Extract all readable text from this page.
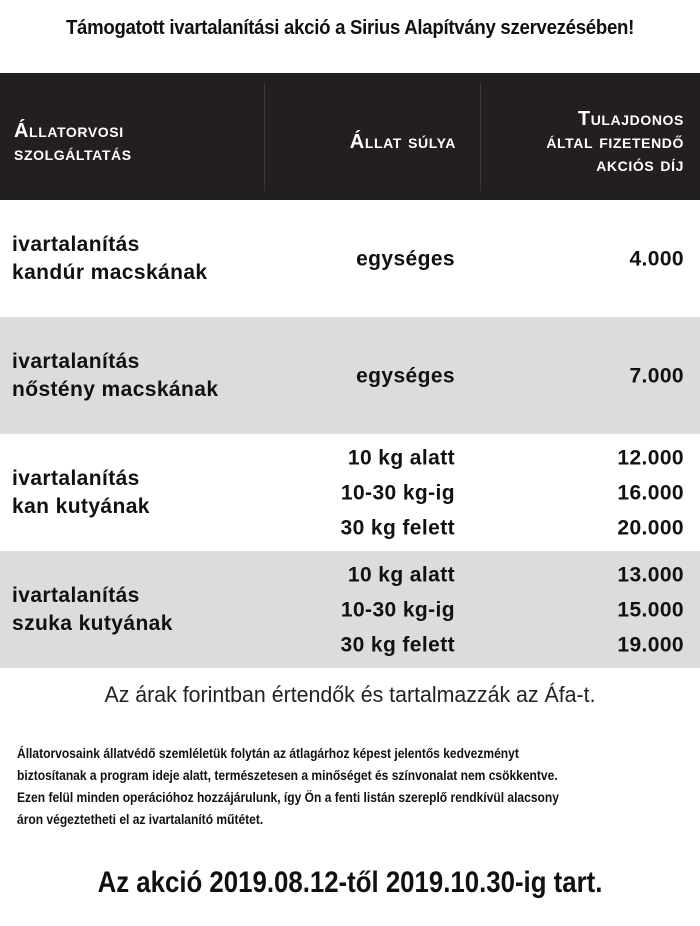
Támogatott ivartalanítási akció a Sirius Alapítvány szervezésében!
Állatorvosi
szolgáltatás
Állat súlya
Tulajdonos
által fizetendő
akciós díj
ivartalanítás
kandúr macskának
egységes	4.000
ivartalanítás
nőstény macskának
egységes	7.000
ivartalanítás
kan kutyának
10 kg alatt
10-30 kg-ig
30 kg felett
12.000
16.000
20.000
ivartalanítás
szuka kutyának
10 kg alatt
10-30 kg-ig
30 kg felett
13.000
15.000
19.000
Az árak forintban értendők és tartalmazzák az Áfa-t.
Állatorvosaink állatvédő szemléletük folytán az átlagárhoz képest jelentős kedvezményt
biztosítanak a program ideje alatt, természetesen a minőséget és színvonalat nem csökkentve.
Ezen felül minden operációhoz hozzájárulunk, így Ön a fenti listán szereplő rendkívül alacsony
áron végeztetheti el az ivartalanító műtétet.
Az akció 2019.08.12-től 2019.10.30-ig tart.
